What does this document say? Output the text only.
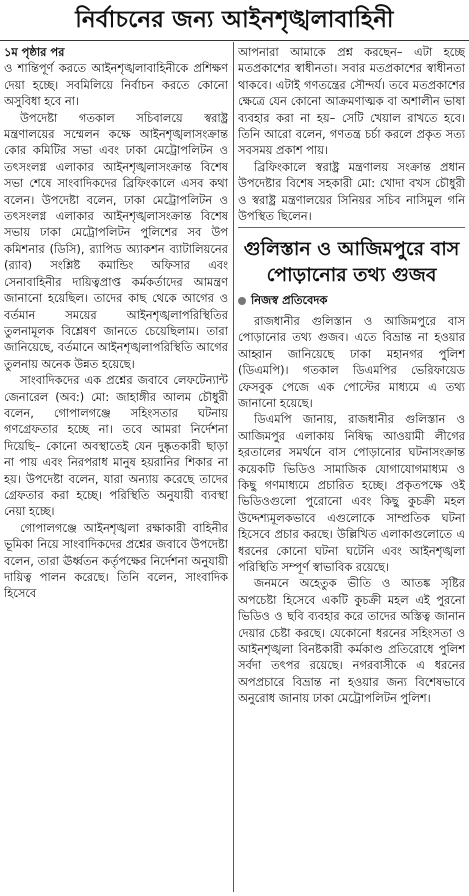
নির্বাচনের জন্য আইনশৃঙ্খলাবাহিনী

১ম পৃষ্ঠার পর

ও শান্তিপূর্ণ করতে আইনশৃঙ্খলাবাহিনীকে প্রশিক্ষণ দেয়া হচ্ছে। সবমিলিয়ে নির্বাচন করতে কোনো অসুবিধা হবে না।

উপদেষ্টা গতকাল সচিবালয়ে স্বরাষ্ট্র মন্ত্রণালয়ের সম্মেলন কক্ষে আইনশৃঙ্খলাসংক্রান্ত কোর কমিটির সভা এবং ঢাকা মেট্রোপলিটন ও তৎসংলগ্ন এলাকার আইনশৃঙ্খলাসংক্রান্ত বিশেষ সভা শেষে সাংবাদিকদের ব্রিফিংকালে এসব কথা বলেন। উপদেষ্টা বলেন, ঢাকা মেট্রোপলিটন ও তৎসংলগ্ন এলাকার আইনশৃঙ্খলাসংক্রান্ত বিশেষ সভায় ঢাকা মেট্রোপলিটন পুলিশের সব উপ কমিশনার (ডিসি), র‍্যাপিড অ্যাকশন ব্যাটালিয়নের (র‍্যাব) সংশ্লিষ্ট কমান্ডিং অফিসার এবং সেনাবাহিনীর দায়িত্বপ্রাপ্ত কর্মকর্তাদের আমন্ত্রণ জানানো হয়েছিল। তাদের কাছ থেকে আগের ও বর্তমান সময়ের আইনশৃঙ্খলাপরিস্থিতির তুলনামূলক বিশ্লেষণ জানতে চেয়েছিলাম। তারা জানিয়েছে, বর্তমানে আইনশৃঙ্খলাপরিস্থিতি আগের তুলনায় অনেক উন্নত হয়েছে।

সাংবাদিকদের এক প্রশ্নের জবাবে লেফটেন্যান্ট জেনারেল (অব:) মো: জাহাঙ্গীর আলম চৌধুরী বলেন, গোপালগঞ্জে সহিংসতার ঘটনায় গণগ্রেফতার হচ্ছে না। তবে আমরা নির্দেশনা দিয়েছি– কোনো অবস্থাতেই যেন দুষ্কৃতকারী ছাড়া না পায় এবং নিরপরাধ মানুষ হয়রানির শিকার না হয়। উপদেষ্টা বলেন, যারা অন্যায় করেছে তাদের গ্রেফতার করা হচ্ছে। পরিস্থিতি অনুযায়ী ব্যবস্থা নেয়া হচ্ছে।

গোপালগঞ্জে আইনশৃঙ্খলা রক্ষাকারী বাহিনীর ভূমিকা নিয়ে সাংবাদিকদের প্রশ্নের জবাবে উপদেষ্টা বলেন, তারা ঊর্ধ্বতন কর্তৃপক্ষের নির্দেশনা অনুযায়ী দায়িত্ব পালন করেছে। তিনি বলেন, সাংবাদিক হিসেবে

আপনারা আমাকে প্রশ্ন করছেন– এটা হচ্ছে মতপ্রকাশের স্বাধীনতা। সবার মতপ্রকাশের স্বাধীনতা থাকবে। এটাই গণতন্ত্রের সৌন্দর্য। তবে মতপ্রকাশের ক্ষেত্রে যেন কোনো আক্রমণাত্মক বা অশালীন ভাষা ব্যবহার করা না হয়– সেটি খেয়াল রাখতে হবে। তিনি আরো বলেন, গণতন্ত্র চর্চা করলে প্রকৃত সত্য সবসময় প্রকাশ পায়।

ব্রিফিংকালে স্বরাষ্ট্র মন্ত্রণালয় সংক্রান্ত প্রধান উপদেষ্টার বিশেষ সহকারী মো: খোদা বখস চৌধুরী ও স্বরাষ্ট্র মন্ত্রণালয়ের সিনিয়র সচিব নাসিমুল গনি উপস্থিত ছিলেন।

গুলিস্তান ও আজিমপুরে বাস পোড়ানোর তথ্য গুজব
নিজস্ব প্রতিবেদক

রাজধানীর গুলিস্তান ও আজিমপুরে বাস পোড়ানোর তথ্য গুজব। এতে বিভ্রান্ত না হওয়ার আহ্বান জানিয়েছে ঢাকা মহানগর পুলিশ (ডিএমপি)। গতকাল ডিএমপির ভেরিফায়েড ফেসবুক পেজে এক পোস্টের মাধ্যমে এ তথ্য জানানো হয়েছে।

ডিএমপি জানায়, রাজধানীর গুলিস্তান ও আজিমপুর এলাকায় নিষিদ্ধ আওয়ামী লীগের হরতালের সমর্থনে বাস পোড়ানোর ঘটনাসংক্রান্ত কয়েকটি ভিডিও সামাজিক যোগাযোগমাধ্যম ও কিছু গণমাধ্যমে প্রচারিত হচ্ছে। প্রকৃতপক্ষে ওই ভিডিওগুলো পুরোনো এবং কিছু কুচক্রী মহল উদ্দেশ্যমূলকভাবে এগুলোকে সাম্প্রতিক ঘটনা হিসেবে প্রচার করছে। উল্লিখিত এলাকাগুলোতে এ ধরনের কোনো ঘটনা ঘটেনি এবং আইনশৃঙ্খলা পরিস্থিতি সম্পূর্ণ স্বাভাবিক রয়েছে।

জনমনে অহেতুক ভীতি ও আতঙ্ক সৃষ্টির অপচেষ্টা হিসেবে একটি কুচক্রী মহল এই পুরনো ভিডিও ও ছবি ব্যবহার করে তাদের অস্তিত্ব জানান দেয়ার চেষ্টা করছে। যেকোনো ধরনের সহিংসতা ও আইনশৃঙ্খলা বিনষ্টকারী কর্মকাণ্ড প্রতিরোধে পুলিশ সর্বদা তৎপর রয়েছে। নগরবাসীকে এ ধরনের অপপ্রচারে বিভ্রান্ত না হওয়ার জন্য বিশেষভাবে অনুরোধ জানায় ঢাকা মেট্রোপলিটন পুলিশ।
